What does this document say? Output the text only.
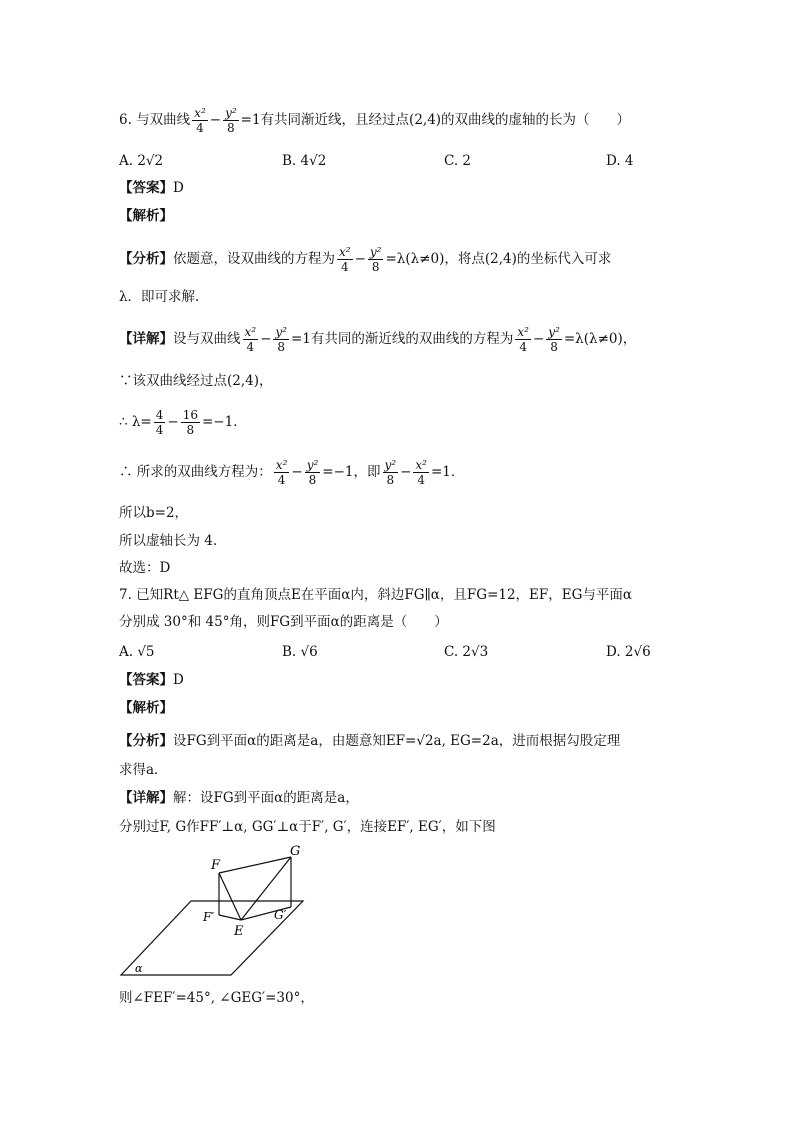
6. 与双曲线 $\frac{\text{x²}}{4} - \frac{\text{y²}}{8} =1$有共同渐近线，且经过点(2,4)的双曲线的虚轴的长为（　　）
A. 2√2	B. 4√2	C. 2	D. 4
【答案】D
【解析】
【分析】依题意，设双曲线的方程为 $\frac{\text{x²}}{4} - \frac{\text{y²}}{8} =\lambda(\lambda\ne 0)$，将点(2,4)的坐标代入可求
λ．即可求解.
【详解】设与双曲线 $\frac{\text{x²}}{4} - \frac{\text{y²}}{8} =1$有共同的渐近线的双曲线的方程为 $\frac{\text{x²}}{4} - \frac{\text{y²}}{8} =\lambda(\lambda\ne 0)$，
∵该双曲线经过点(2,4)，
∴ $\lambda= \frac{4}{4} - \frac{16}{8} =-1$．
∴ 所求的双曲线方程为： $\frac{\text{x²}}{4} - \frac{\text{y²}}{8} =-1$，即 $\frac{\text{y²}}{8} - \frac{\text{x²}}{4} =1$．
所以b=2，
所以虚轴长为 4.
故选：D
7. 已知Rt△ EFG的直角顶点E在平面α内，斜边FG∥α，且FG=12，EF，EG与平面α
分别成 30°和 45°角，则FG到平面α的距离是（　　）
A. √5	B. √6	C. 2√3	D. 2√6
【答案】D
【解析】
【分析】设FG到平面α的距离是a，由题意知EF=√2a, EG=2a，进而根据勾股定理
求得a．
【详解】解：设FG到平面α的距离是a，
分别过F, G作FF′⊥α, GG′⊥α于F′, G′，连接EF′, EG′，如下图
F
G
F′	G′
E
α
则∠FEF′=45°, ∠GEG′=30°，
